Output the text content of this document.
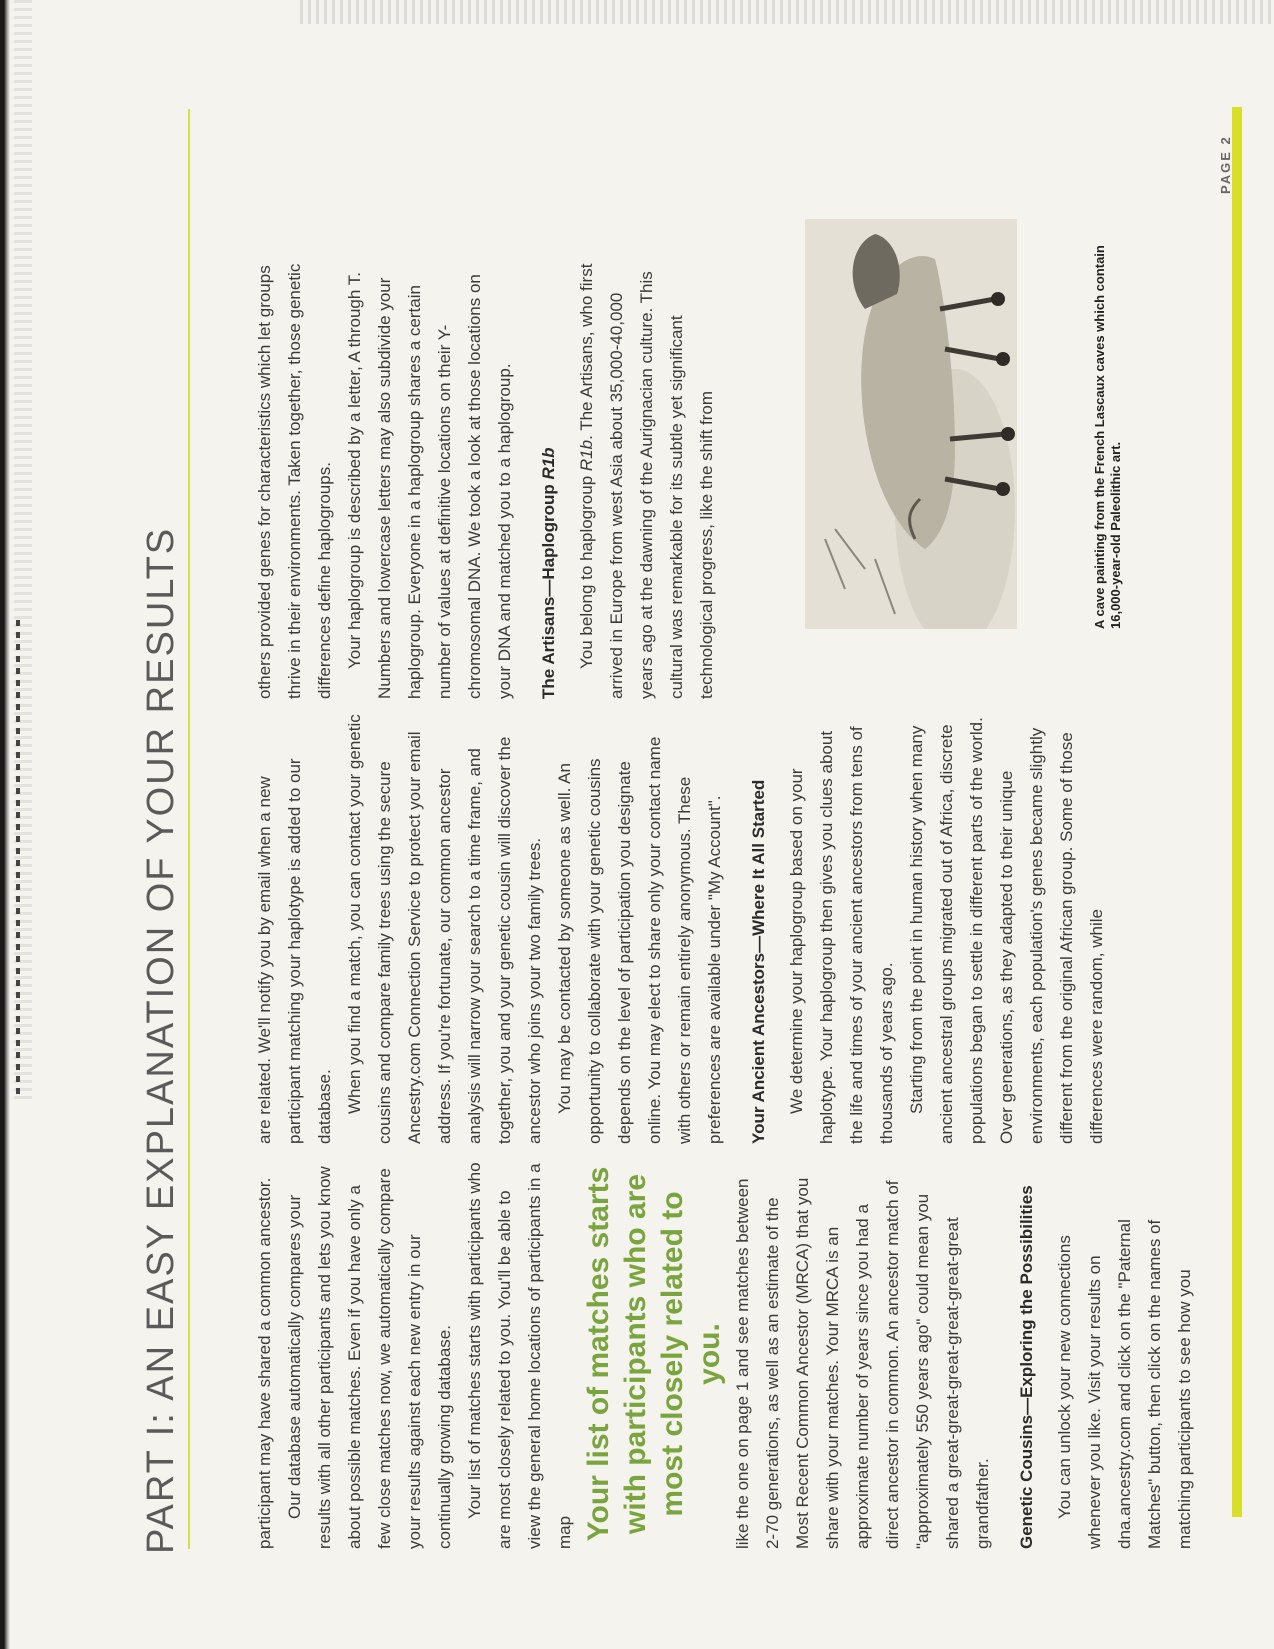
PART I: AN EASY EXPLANATION OF YOUR RESULTS	participant may have shared a common ancestor. Our database automatically compares your results with all other participants and lets you know about possible matches. Even if you have only a few close matches now, we automatically compare your results against each new entry in our continually growing database. Your list of matches starts with participants who are most closely related to you. You'll be able to view the general home locations of participants in a map Your list of matches starts with participants who are most closely related to you. like the one on page 1 and see matches between 2-70 generations, as well as an estimate of the Most Recent Common Ancestor (MRCA) that you share with your matches. Your MRCA is an approximate number of years since you had a direct ancestor in common. An ancestor match of "approximately 550 years ago" could mean you shared a great-great-great-great-great-great grandfather.	Genetic Cousins—Exploring the Possibilities	You can unlock your new connections whenever you like. Visit your results on dna.ancestry.com and click on the "Paternal Matches" button, then click on the names of matching participants to see how you

are related. We'll notify you by email when a new participant matching your haplotype is added to our database. When you find a match, you can contact your genetic cousins and compare family trees using the secure Ancestry.com Connection Service to protect your email address. If you're fortunate, our common ancestor analysis will narrow your search to a time frame, and together, you and your genetic cousin will discover the ancestor who joins your two family trees. You may be contacted by someone as well. An opportunity to collaborate with your genetic cousins depends on the level of participation you designate online. You may elect to share only your contact name with others or remain entirely anonymous. These preferences are available under "My Account".	Your Ancient Ancestors—Where It All Started	We determine your haplogroup based on your haplotype. Your haplogroup then gives you clues about the life and times of your ancient ancestors from tens of thousands of years ago. Starting from the point in human history when many ancient ancestral groups migrated out of Africa, discrete populations began to settle in different parts of the world. Over generations, as they adapted to their unique environments, each population's genes became slightly different from the original African group. Some of those differences were random, while

others provided genes for characteristics which let groups thrive in their environments. Taken together, those genetic differences define haplogroups. Your haplogroup is described by a letter, A through T. Numbers and lowercase letters may also subdivide your haplogroup. Everyone in a haplogroup shares a certain number of values at definitive locations on their Y-chromosomal DNA. We took a look at those locations on your DNA and matched you to a haplogroup.	The Artisans—Haplogroup R1b

You belong to haplogroup R1b. The Artisans, who first arrived in Europe from west Asia about 35,000-40,000 years ago at the dawning of the Aurignacian culture. This cultural was remarkable for its subtle yet significant technological progress, like the shift from	A cave painting from the French Lascaux caves which contain 16,000-year-old Paleolithic art.

PAGE 2
